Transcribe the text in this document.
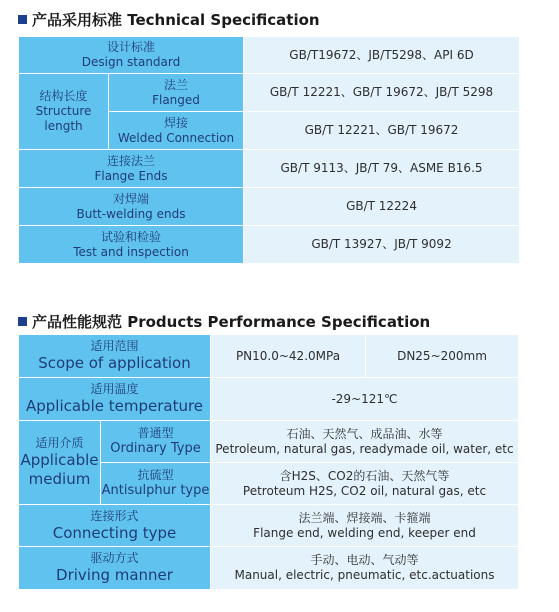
产品采用标准 Technical Specification
设计标准
Design standard		GB/T19672、JB/T5298、API 6D

结构长度
Structure
length	法兰
Flanged	GB/T 12221、GB/T 19672、JB/T 5298

	焊接
Welded Connection	GB/T 12221、GB/T 19672

连接法兰
Flange Ends		GB/T 9113、JB/T 79、ASME B16.5

对焊端
Butt-welding ends		GB/T 12224

试验和检验
Test and inspection		GB/T 13927、JB/T 9092
产品性能规范 Products Performance Specification
适用范围
Scope of application		PN10.0~42.0MPa	DN25~200mm

适用温度
Applicable temperature		-29~121℃	

适用介质
Applicable
medium	普通型
Ordinary Type	石油、天然气、成品油、水等
Petroleum, natural gas, readymade oil, water, etc	

	抗硫型
Antisulphur type	含H2S、CO2的石油、天然气等
Petroteum H2S, CO2 oil, natural gas, etc	

连接形式
Connecting type		法兰端、焊接端、卡箍端
Flange end, welding end, keeper end	

驱动方式
Driving manner		手动、电动、气动等
Manual, electric, pneumatic, etc.actuations	
